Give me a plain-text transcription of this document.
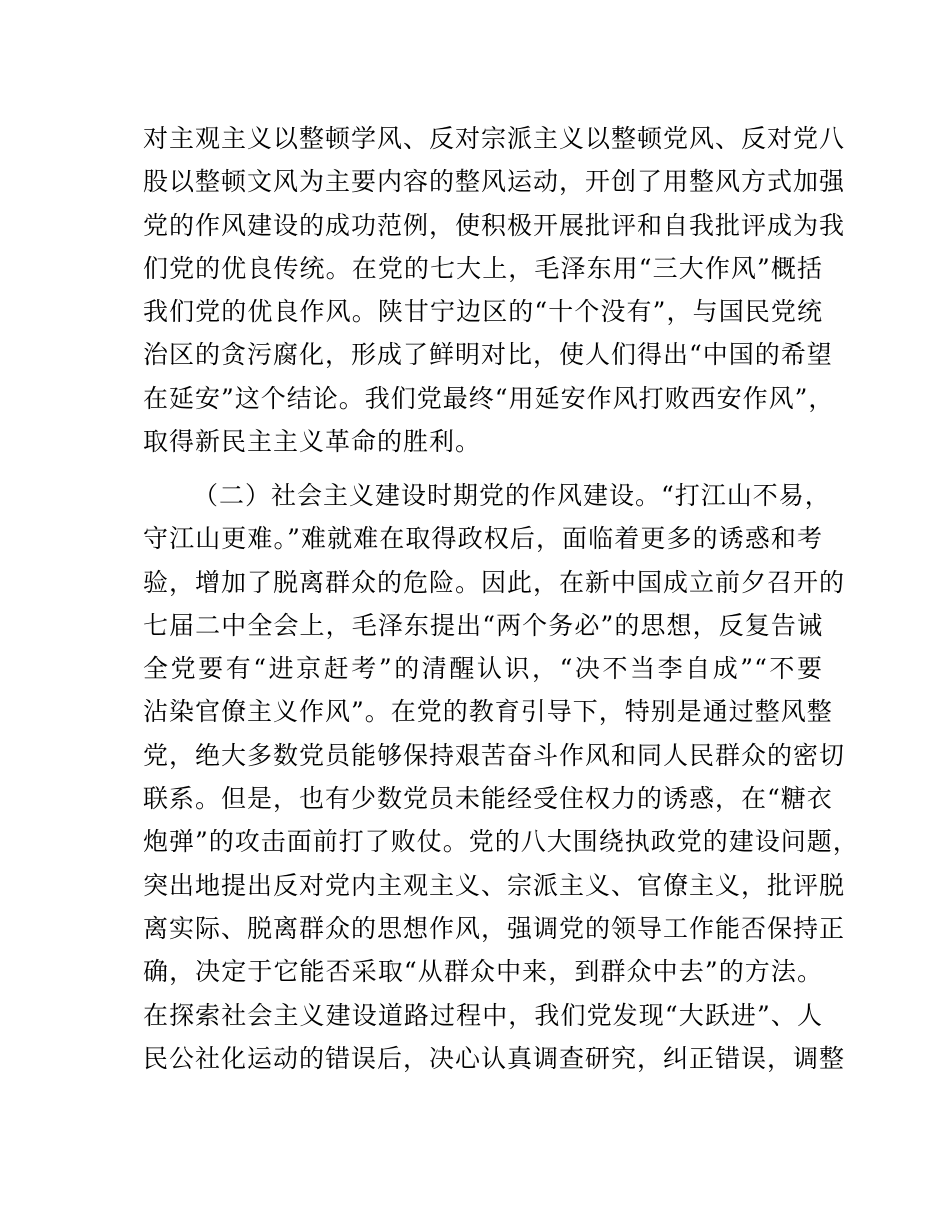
对主观主义以整顿学风、反对宗派主义以整顿党风、反对党八
股以整顿文风为主要内容的整风运动，开创了用整风方式加强
党的作风建设的成功范例，使积极开展批评和自我批评成为我
们党的优良传统。在党的七大上，毛泽东用“三大作风”概括
我们党的优良作风。陕甘宁边区的“十个没有”，与国民党统
治区的贪污腐化，形成了鲜明对比，使人们得出“中国的希望
在延安”这个结论。我们党最终“用延安作风打败西安作风”，
取得新民主主义革命的胜利。
（二）社会主义建设时期党的作风建设。“打江山不易，
守江山更难。”难就难在取得政权后，面临着更多的诱惑和考
验，增加了脱离群众的危险。因此，在新中国成立前夕召开的
七届二中全会上，毛泽东提出“两个务必”的思想，反复告诫
全党要有“进京赶考”的清醒认识，“决不当李自成”“不要
沾染官僚主义作风”。在党的教育引导下，特别是通过整风整
党，绝大多数党员能够保持艰苦奋斗作风和同人民群众的密切
联系。但是，也有少数党员未能经受住权力的诱惑，在“糖衣
炮弹”的攻击面前打了败仗。党的八大围绕执政党的建设问题，
突出地提出反对党内主观主义、宗派主义、官僚主义，批评脱
离实际、脱离群众的思想作风，强调党的领导工作能否保持正
确，决定于它能否采取“从群众中来，到群众中去”的方法。
在探索社会主义建设道路过程中，我们党发现“大跃进”、人
民公社化运动的错误后，决心认真调查研究，纠正错误，调整
